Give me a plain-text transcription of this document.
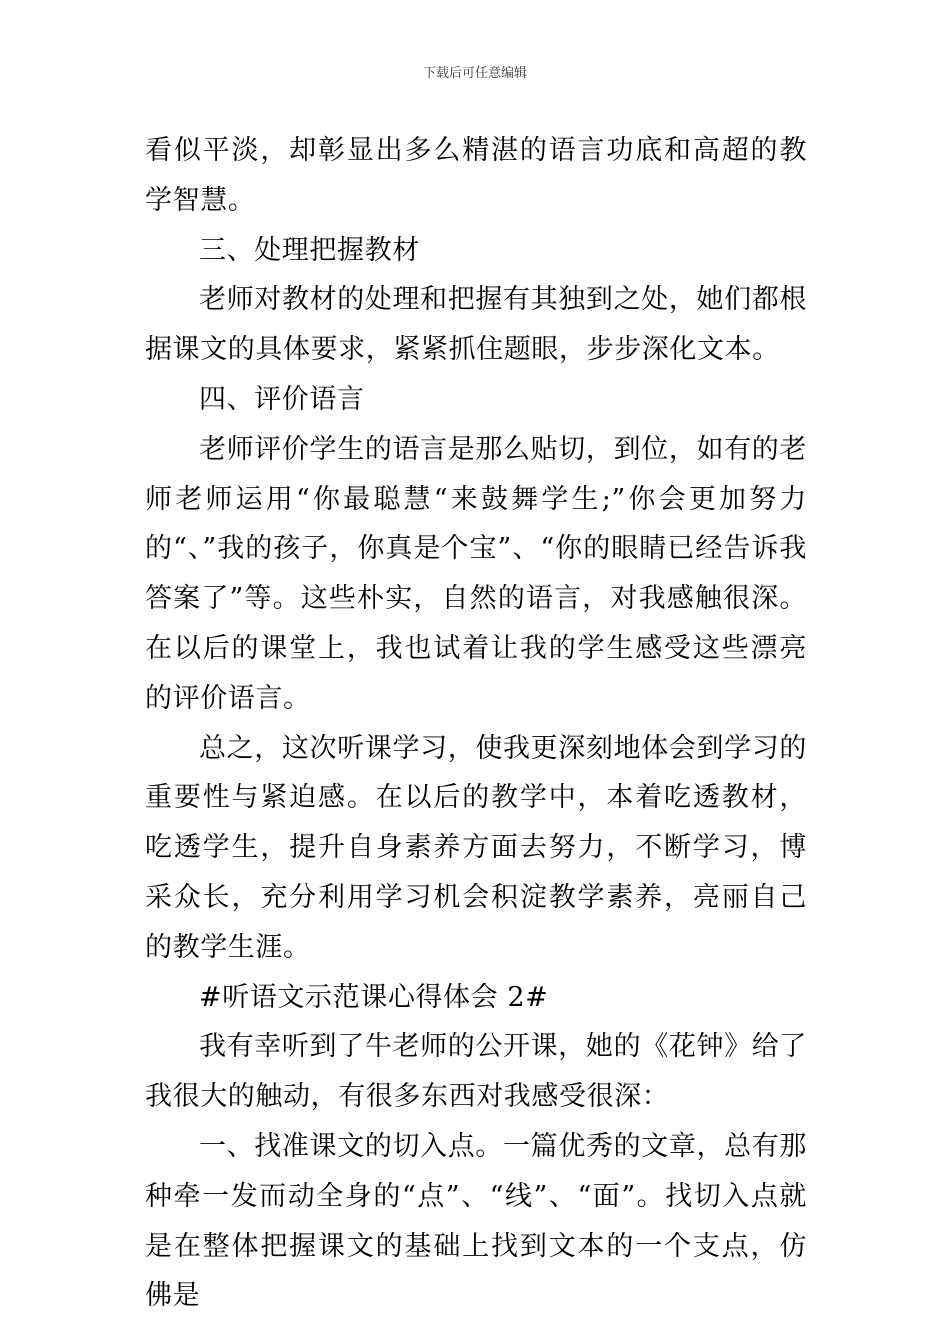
下载后可任意编辑

看似平淡，却彰显出多么精湛的语言功底和高超的教学智慧。

三、处理把握教材

老师对教材的处理和把握有其独到之处，她们都根据课文的具体要求，紧紧抓住题眼，步步深化文本。

四、评价语言

老师评价学生的语言是那么贴切，到位，如有的老师老师运用“你最聪慧“来鼓舞学生;”你会更加努力的“、”我的孩子，你真是个宝”、“你的眼睛已经告诉我答案了”等。这些朴实，自然的语言，对我感触很深。在以后的课堂上，我也试着让我的学生感受这些漂亮的评价语言。

总之，这次听课学习，使我更深刻地体会到学习的重要性与紧迫感。在以后的教学中，本着吃透教材，吃透学生，提升自身素养方面去努力，不断学习，博采众长，充分利用学习机会积淀教学素养，亮丽自己的教学生涯。

#听语文示范课心得体会 2#

我有幸听到了牛老师的公开课，她的《花钟》给了我很大的触动，有很多东西对我感受很深：

一、找准课文的切入点。一篇优秀的文章，总有那种牵一发而动全身的“点”、“线”、“面”。找切入点就是在整体把握课文的基础上找到文本的一个支点，仿佛是
